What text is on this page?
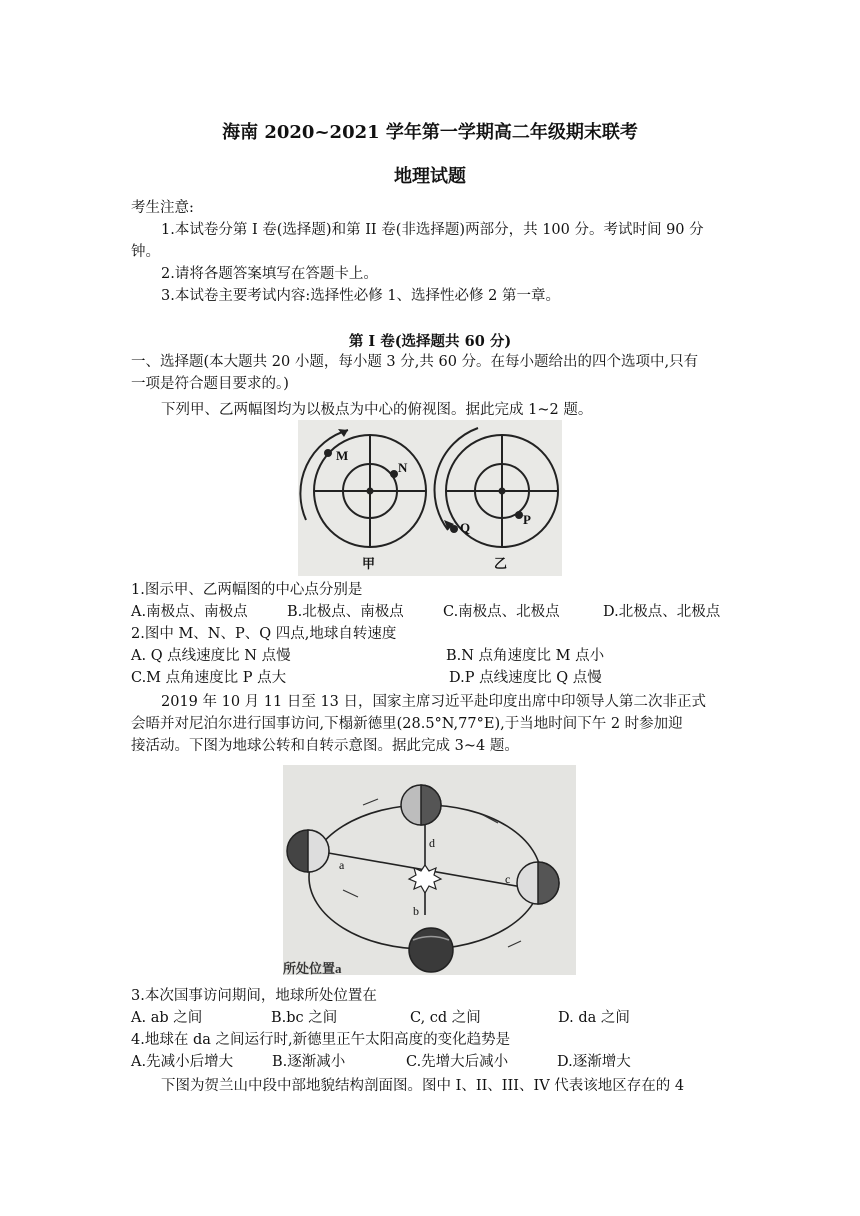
海南 2020~2021 学年第一学期高二年级期末联考
地理试题
考生注意:
1.本试卷分第 I 卷(选择题)和第 II 卷(非选择题)两部分，共 100 分。考试时间 90 分
钟。
2.请将各题答案填写在答题卡上。
3.本试卷主要考试内容:选择性必修 1、选择性必修 2 第一章。
第 I 卷(选择题共 60 分)
一、选择题(本大题共 20 小题，每小题 3 分,共 60 分。在每小题给出的四个选项中,只有
一项是符合题目要求的。)
下列甲、乙两幅图均为以极点为中心的俯视图。据此完成 1~2 题。
M
N
Q
P
甲	乙
1.图示甲、乙两幅图的中心点分别是
A.南极点、南极点	B.北极点、南极点	C.南极点、北极点	D.北极点、北极点
2.图中 M、N、P、Q 四点,地球自转速度
A. Q 点线速度比 N 点慢	B.N 点角速度比 M 点小
C.M 点角速度比 P 点大	D.P 点线速度比 Q 点慢
2019 年 10 月 11 日至 13 日，国家主席习近平赴印度出席中印领导人第二次非正式
会晤并对尼泊尔进行国事访问,下榻新德里(28.5°N,77°E),于当地时间下午 2 时参加迎
接活动。下图为地球公转和自转示意图。据此完成 3~4 题。
a
b
c
d
所处位置a
3.本次国事访问期间，地球所处位置在
A. ab 之间	B.bc 之间	C, cd 之间	D. da 之间
4.地球在 da 之间运行时,新德里正午太阳高度的变化趋势是
A.先减小后增大	B.逐渐减小	C.先增大后减小	D.逐渐增大
下图为贺兰山中段中部地貌结构剖面图。图中 I、II、III、IV 代表该地区存在的 4
